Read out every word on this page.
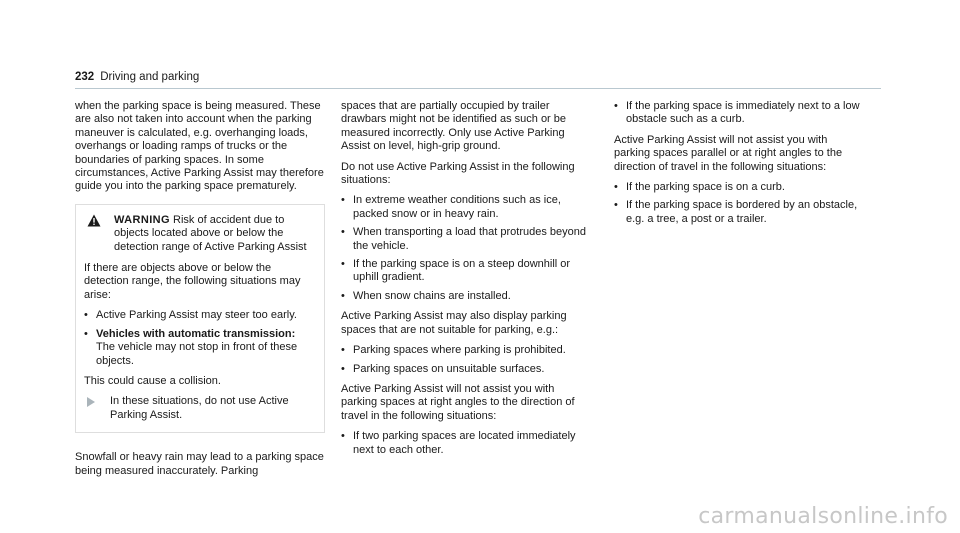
232 Driving and parking

when the parking space is being measured. These are also not taken into account when the parking maneuver is calculated, e.g. overhanging loads, overhangs or loading ramps of trucks or the boundaries of parking spaces. In some circumstances, Active Parking Assist may therefore guide you into the parking space prematurely.

WARNING Risk of accident due to objects located above or below the detection range of Active Parking Assist

If there are objects above or below the detection range, the following situations may arise:

• Active Parking Assist may steer too early.
• Vehicles with automatic transmission: The vehicle may not stop in front of these objects.

This could cause a collision.

In these situations, do not use Active Parking Assist.

Snowfall or heavy rain may lead to a parking space being measured inaccurately. Parking

spaces that are partially occupied by trailer drawbars might not be identified as such or be measured incorrectly. Only use Active Parking Assist on level, high-grip ground.

Do not use Active Parking Assist in the following situations:

• In extreme weather conditions such as ice, packed snow or in heavy rain.
• When transporting a load that protrudes beyond the vehicle.
• If the parking space is on a steep downhill or uphill gradient.
• When snow chains are installed.

Active Parking Assist may also display parking spaces that are not suitable for parking, e.g.:

• Parking spaces where parking is prohibited.
• Parking spaces on unsuitable surfaces.

Active Parking Assist will not assist you with parking spaces at right angles to the direction of travel in the following situations:

• If two parking spaces are located immediately next to each other.
• If the parking space is immediately next to a low obstacle such as a curb.

Active Parking Assist will not assist you with parking spaces parallel or at right angles to the direction of travel in the following situations:

• If the parking space is on a curb.
• If the parking space is bordered by an obstacle, e.g. a tree, a post or a trailer.
carmanualsonline.info
